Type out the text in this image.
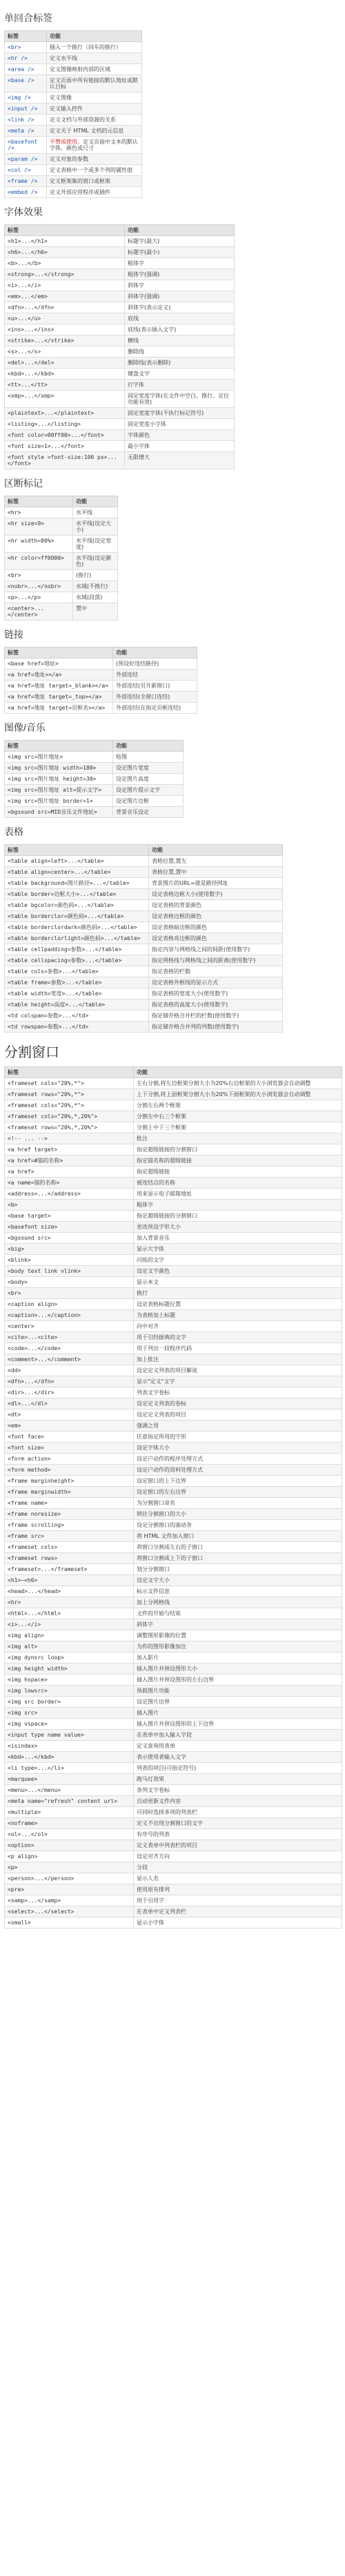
单回合标签
标签	功能
<br>	插入一个换行（回车的换行）
<hr />	定义水平线
<area />	定义图像映射内部的区域
<base />	定义页面中所有链接的默认地址或默认目标
<img />	定义图像
<input />	定义输入控件
<link />	定义文档与外部资源的关系
<meta />	定义关于 HTML 文档的元信息
<basefont />	不赞成使用。定义页面中文本的默认字体、颜色或尺寸
<param />	定义对象的参数
<col />	定义表格中一个或多个列的属性值
<frame />	定义框架集的窗口或框架
<embed />	定义外部应用程序或插件
字体效果
标签	功能
<h1>...</h1>	标题字(最大)
<h6>...</h6>	标题字(最小)
<b>...</b>	粗体字
<strong>...</strong>	粗体字(强调)
<i>...</i>	斜体字
<em>...</em>	斜体字(强调)
<dfn>...</dfn>	斜体字(表示定义)
<u>...</u>	底线
<ins>...</ins>	底线(表示插入文字)
<strike>...</strike>	横线
<s>...</s>	删除线
<del>...</del>	删除线(表示删除)
<kbd>...</kbd>	键盘文字
<tt>...</tt>	打字体
<xmp>...</xmp>	固定宽度字体(在文件中空白、换行、定位功能有效)
<plaintext>...</plaintext>	固定宽度字体(不执行标记符号)
<listing>...</listing>	固定宽度小字体
<font color=00ff00>...</font>	字体颜色
<font size=1>...</font>	最小字体
<font style =font-size:100 px>...</font>	无限增大
区断标记
标签	功能
<hr>	水平线
<hr size=9>	水平线(设定大小)
<hr width=80%>	水平线(设定宽度)
<hr color=ff0000>	水平线(设定颜色)
<br>	(换行)
<nobr>...</nobr>	水域(不换行)
<p>...</p>	水域(段落)
<center>...</center>	置中
链接
标签	功能
<base href=地址>	(预设好连结路径)
<a href=地址></a>	外部连结
<a href=地址 target=_blank></a>	外部连结(另开新窗口)
<a href=地址 target=_top></a>	外部连结(全窗口连结)
<a href=地址 target=页框名></a>	外部连结(在指定页框连结)
图像/音乐
标签	功能
<img src=图片地址>	贴图
<img src=图片地址 width=180>	设定图片宽度
<img src=图片地址 height=30>	设定图片高度
<img src=图片地址 alt=提示文字>	设定图片提示文字
<img src=图片地址 border=1>	设定图片边框
<bgsound src=MID音乐文件地址>	背景音乐设定
表格
标签	功能
<table align=left>...</table>	表格位置,置左
<table align=center>...</table>	表格位置,置中
<table background=图片路径>...</table>	背景图片的URL=就是路径网址
<table border=边框大小>...</table>	设定表格边框大小(使用数字)
<table bgcolor=颜色码>...</table>	设定表格的背景颜色
<table borderclor=颜色码>...</table>	设定表格边框的颜色
<table borderclordark=颜色码>...</table>	设定表格暗边框的颜色
<table borderclorlight=颜色码>...</table>	设定表格亮边框的颜色
<table cellpadding=参数>...</table>	指定内容与网格线之间的间距(使用数字)
<table cellspacing=参数>...</table>	指定网格线与网格线之间的距离(使用数字)
<table cols=参数>...</table>	指定表格的栏数
<table frame=参数>...</table>	设定表格外框线的显示方式
<table width=宽度>...</table>	指定表格的宽度大小(使用数字)
<table height=高度>...</table>	指定表格的高度大小(使用数字)
<td colspan=参数>...</td>	指定储存格合并栏的栏数(使用数字)
<td rowspan=参数>...</td>	指定储存格合并列的列数(使用数字)
分割窗口
标签	功能
<frameset cols="20%,*">	左右分割,将左边框架分割大小为20%右边框架的大小浏览器会自动调整
<frameset rows="20%,*">	上下分割,将上面框架分割大小为20%下面框架的大小浏览器会自动调整
<frameset cols="20%,*">	分割左右两个框架
<frameset cols="20%,*,20%">	分割左中右三个框架
<frameset rows="20%,*,20%">	分割上中下三个框架
<!-- ... -->	批注
<a href target>	指定超级链接的分割窗口
<a href=#锚的名称>	指定锚名称的超级链接
<a href>	指定超级链接
<a name=锚的名称>	被连结点的名称
<address>...</address>	用来显示电子邮箱地址
<b>	粗体字
<base target>	指定超级链接的分割窗口
<basefont size>	更改预设字形大小
<bgsound src>	加入背景音乐
<big>	显示大字体
<blink>	闪烁的文字
<body text link vlink>	设定文字颜色
<body>	显示本文
<br>	换行
<caption align>	设定表格标题位置
<caption>...</caption>	为表格加上标题
<center>	向中对齐
<cite>...<cite>	用于引经据典的文字
<code>...</code>	用于列出一段程序代码
<comment>...</comment>	加上批注
<dd>	设定定义列表的项目解说
<dfn>...</dfn>	显示"定义"文字
<dir>...</dir>	列表文字卷标
<dl>...</dl>	设定定义列表的卷标
<dt>	设定定义列表的项目
<em>	强调之用
<font face>	任意指定所用的字形
<font size>	设定字体大小
<form action>	设定户动作的程序处理方式
<form method>	设定户动作的资料处理方式
<frame marginheight>	设定窗口的上下边界
<frame marginwidth>	设定窗口的左右边界
<frame name>	为分割窗口命名
<frame noresize>	锁住分割窗口的大小
<frame scrolling>	设定分割窗口的滚动条
<frame src>	将 HTML 文件加入窗口
<frameset cols>	将窗口分割成左右的子窗口
<frameset rows>	将窗口分割成上下的子窗口
<frameset>...</frameset>	划分分割窗口
<h1>~<h6>	设定文字大小
<head>...</head>	标示文件信息
<hr>	加上分网格线
<html>...</html>	文件的开始与结束
<i>...</i>	斜体字
<img align>	调整图形影像的位置
<img alt>	为你的图形影像加注
<img dynsrc loop>	加入影片
<img height width>	插入图片并预设图形大小
<img hspace>	插入图片并预设图形的左右边界
<img lowsrc>	预载图片功能
<img src border>	设定图片边界
<img src>	插入图片
<img vspace>	插入图片并预设图形的上下边界
<input type name value>	在表单中加入输入字段
<isindex>	定义查询用表单
<kbd>...</kbd>	表示使用者输入文字
<li type>...</li>	列表的项目(可指定符号)
<marquee>	跑马灯效果
<menu>...</menu>	条列文字卷标
<meta name="refresh" content url>	自动更新文件内容
<multiple>	可同时选择多项的列表栏
<noframe>	定义不出现分割窗口的文字
<ol>...</ol>	有序号的列表
<option>	定义表单中列表栏的项目
<p align>	设定对齐方向
<p>	分段
<person>...</person>	显示人名
<pre>	使用原有排列
<samp>...</samp>	用于引用字
<select>...</select>	在表单中定义列表栏
<small>	显示小字体
